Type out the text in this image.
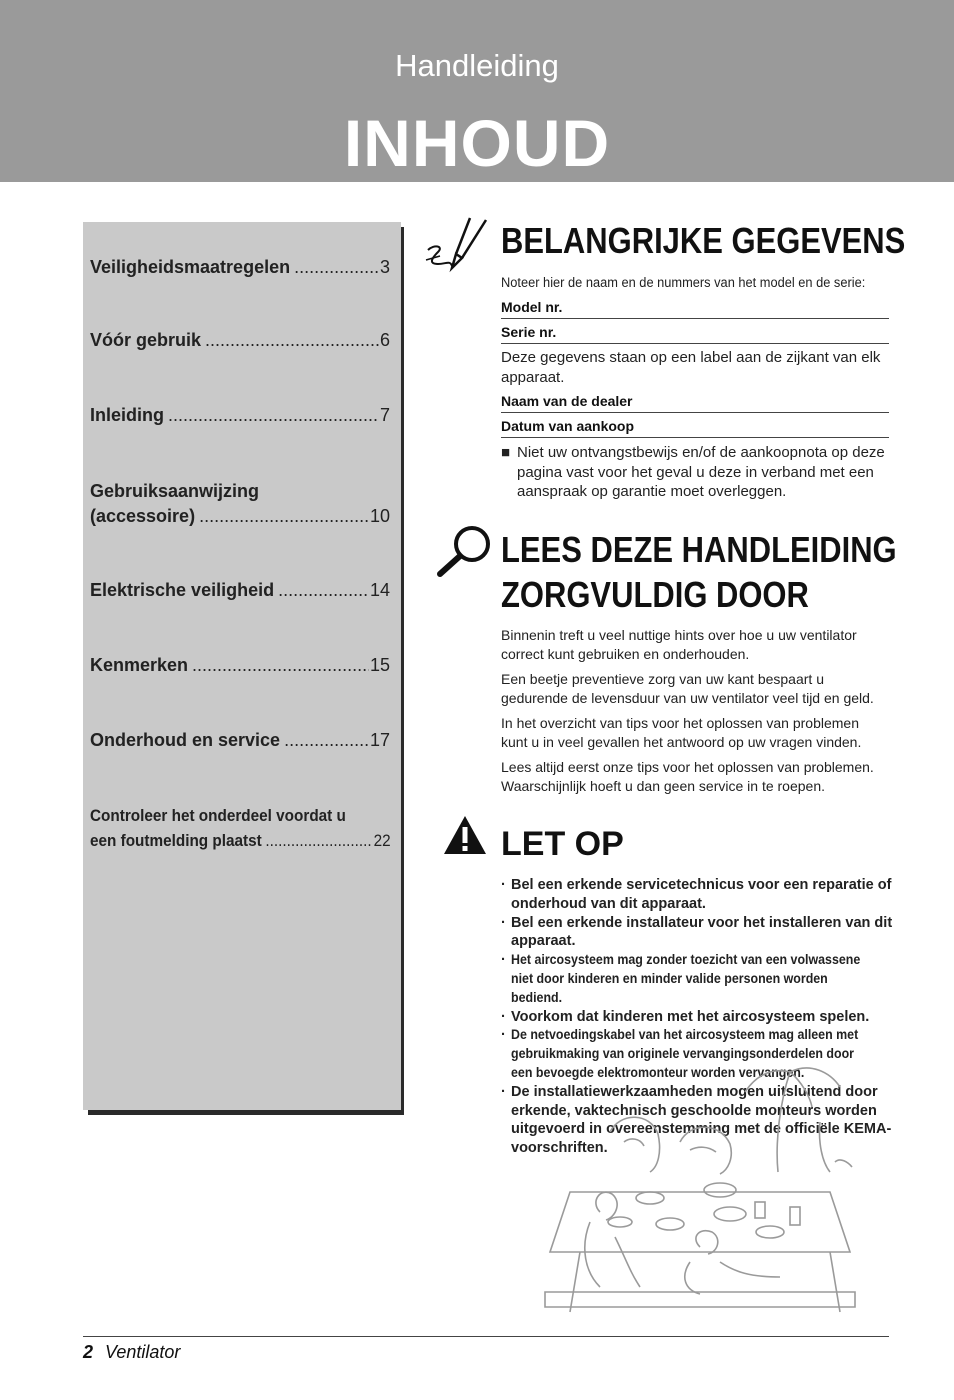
Handleiding
INHOUD
Veiligheidsmaatregelen .....	3
Vóór gebruik .....	6
Inleiding .....	7
Gebruiksaanwijzing
(accessoire) .....	10
Elektrische veiligheid .....	14
Kenmerken .....	15
Onderhoud en service .....	17
Controleer het onderdeel voordat u
een foutmelding plaatst .....	22
BELANGRIJKE GEGEVENS
Noteer hier de naam en de nummers van het model en de serie:
Model nr.
Serie nr.
Deze gegevens staan op een label aan de zijkant van elk apparaat.
Naam van de dealer
Datum van aankoop
■ Niet uw ontvangstbewijs en/of de aankoopnota op deze pagina vast voor het geval u deze in verband met een aanspraak op garantie moet overleggen.
LEES DEZE HANDLEIDING
ZORGVULDIG DOOR
Binnenin treft u veel nuttige hints over hoe u uw ventilator correct kunt gebruiken en onderhouden.
Een beetje preventieve zorg van uw kant bespaart u gedurende de levensduur van uw ventilator veel tijd en geld.
In het overzicht van tips voor het oplossen van problemen kunt u in veel gevallen het antwoord op uw vragen vinden.
Lees altijd eerst onze tips voor het oplossen van problemen. Waarschijnlijk hoeft u dan geen service in te roepen.
LET OP
· Bel een erkende servicetechnicus voor een reparatie of onderhoud van dit apparaat.
· Bel een erkende installateur voor het installeren van dit apparaat.
· Het aircosysteem mag zonder toezicht van een volwassene niet door kinderen en minder valide personen worden bediend.
· Voorkom dat kinderen met het aircosysteem spelen.
· De netvoedingskabel van het aircosysteem mag alleen met gebruikmaking van originele vervangingsonderdelen door een bevoegde elektromonteur worden vervangen.
· De installatiewerkzaamheden mogen uitsluitend door erkende, vaktechnisch geschoolde monteurs worden uitgevoerd in overeenstemming met de officiële KEMA-voorschriften.
2 Ventilator
